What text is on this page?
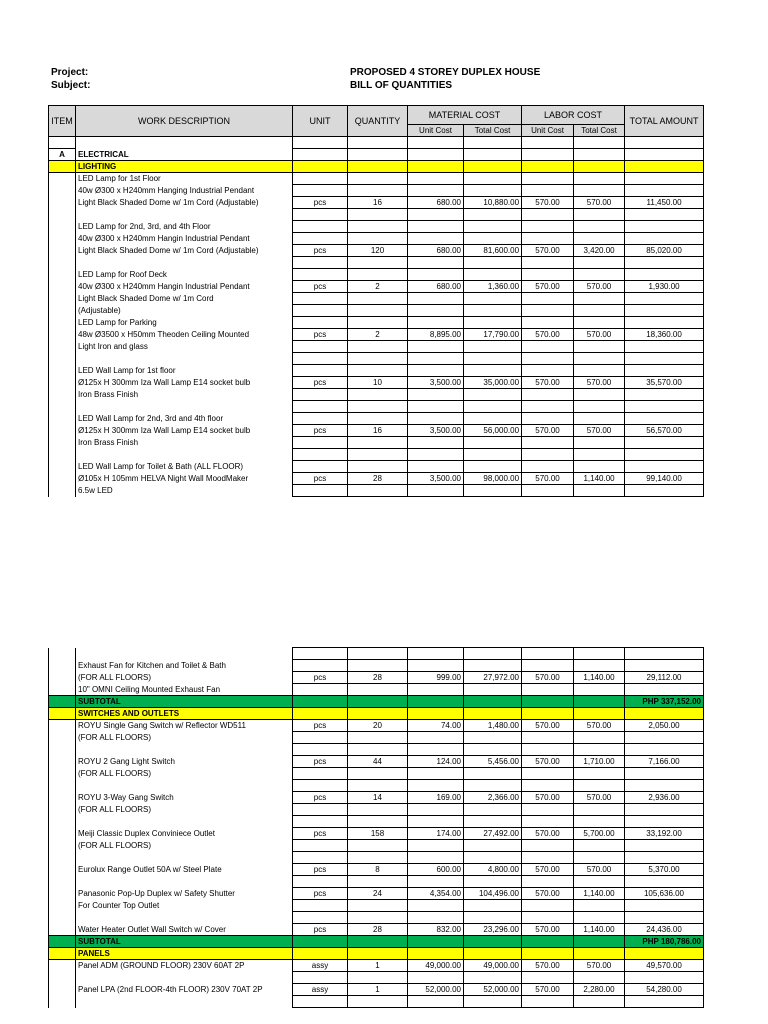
Project:
Subject:
PROPOSED 4 STOREY DUPLEX HOUSE
BILL OF QUANTITIES
ITEM	WORK DESCRIPTION	UNIT	QUANTITY	MATERIAL COST		LABOR COST		TOTAL AMOUNT
				Unit Cost	Total Cost	Unit Cost	Total Cost	

A	ELECTRICAL							
	LIGHTING							
	LED Lamp for 1st Floor							
	40w Ø300 x H240mm Hanging Industrial Pendant							
	Light Black Shaded Dome w/ 1m Cord (Adjustable)	pcs	16	680.00	10,880.00	570.00	570.00	11,450.00

	LED Lamp for 2nd, 3rd, and 4th Floor							
	40w Ø300 x H240mm Hangin Industrial Pendant							
	Light Black Shaded Dome w/ 1m Cord (Adjustable)	pcs	120	680.00	81,600.00	570.00	3,420.00	85,020.00

	LED Lamp for Roof Deck							
	40w Ø300 x H240mm Hangin Industrial Pendant	pcs	2	680.00	1,360.00	570.00	570.00	1,930.00
	Light Black Shaded Dome w/ 1m Cord							
	(Adjustable)							
	LED Lamp for Parking							
	48w Ø3500 x H50mm Theoden Ceiling Mounted	pcs	2	8,895.00	17,790.00	570.00	570.00	18,360.00
	Light Iron and glass							

	LED Wall Lamp for 1st floor							
	Ø125x H 300mm Iza Wall Lamp E14 socket bulb	pcs	10	3,500.00	35,000.00	570.00	570.00	35,570.00
	Iron Brass Finish							

	LED Wall Lamp for 2nd, 3rd and 4th floor							
	Ø125x H 300mm Iza Wall Lamp E14 socket bulb	pcs	16	3,500.00	56,000.00	570.00	570.00	56,570.00
	Iron Brass Finish							

	LED Wall Lamp for Toilet & Bath (ALL FLOOR)							
	Ø105x H 105mm HELVA Night Wall MoodMaker	pcs	28	3,500.00	98,000.00	570.00	1,140.00	99,140.00
	6.5w LED							

	Exhaust Fan for Kitchen and Toilet & Bath							
	(FOR ALL FLOORS)	pcs	28	999.00	27,972.00	570.00	1,140.00	29,112.00
	10" OMNI Ceiling Mounted Exhaust Fan							
	SUBTOTAL							PHP 337,152.00
	SWITCHES AND OUTLETS							
	ROYU Single Gang Switch w/ Reflector WD511	pcs	20	74.00	1,480.00	570.00	570.00	2,050.00
	(FOR ALL FLOORS)							

	ROYU 2 Gang Light Switch	pcs	44	124.00	5,456.00	570.00	1,710.00	7,166.00
	(FOR ALL FLOORS)							

	ROYU 3-Way Gang Switch	pcs	14	169.00	2,366.00	570.00	570.00	2,936.00
	(FOR ALL FLOORS)							

	Meiji Classic Duplex Conviniece Outlet	pcs	158	174.00	27,492.00	570.00	5,700.00	33,192.00
	(FOR ALL FLOORS)							

	Eurolux Range Outlet 50A w/ Steel Plate	pcs	8	600.00	4,800.00	570.00	570.00	5,370.00

	Panasonic Pop-Up Duplex w/ Safety Shutter	pcs	24	4,354.00	104,496.00	570.00	1,140.00	105,636.00
	For Counter Top Outlet							

	Water Heater Outlet Wall Switch w/ Cover	pcs	28	832.00	23,296.00	570.00	1,140.00	24,436.00
	SUBTOTAL							PHP 180,786.00
	PANELS							
	Panel ADM (GROUND FLOOR) 230V 60AT 2P	assy	1	49,000.00	49,000.00	570.00	570.00	49,570.00

	Panel LPA (2nd FLOOR-4th FLOOR) 230V 70AT 2P	assy	1	52,000.00	52,000.00	570.00	2,280.00	54,280.00
